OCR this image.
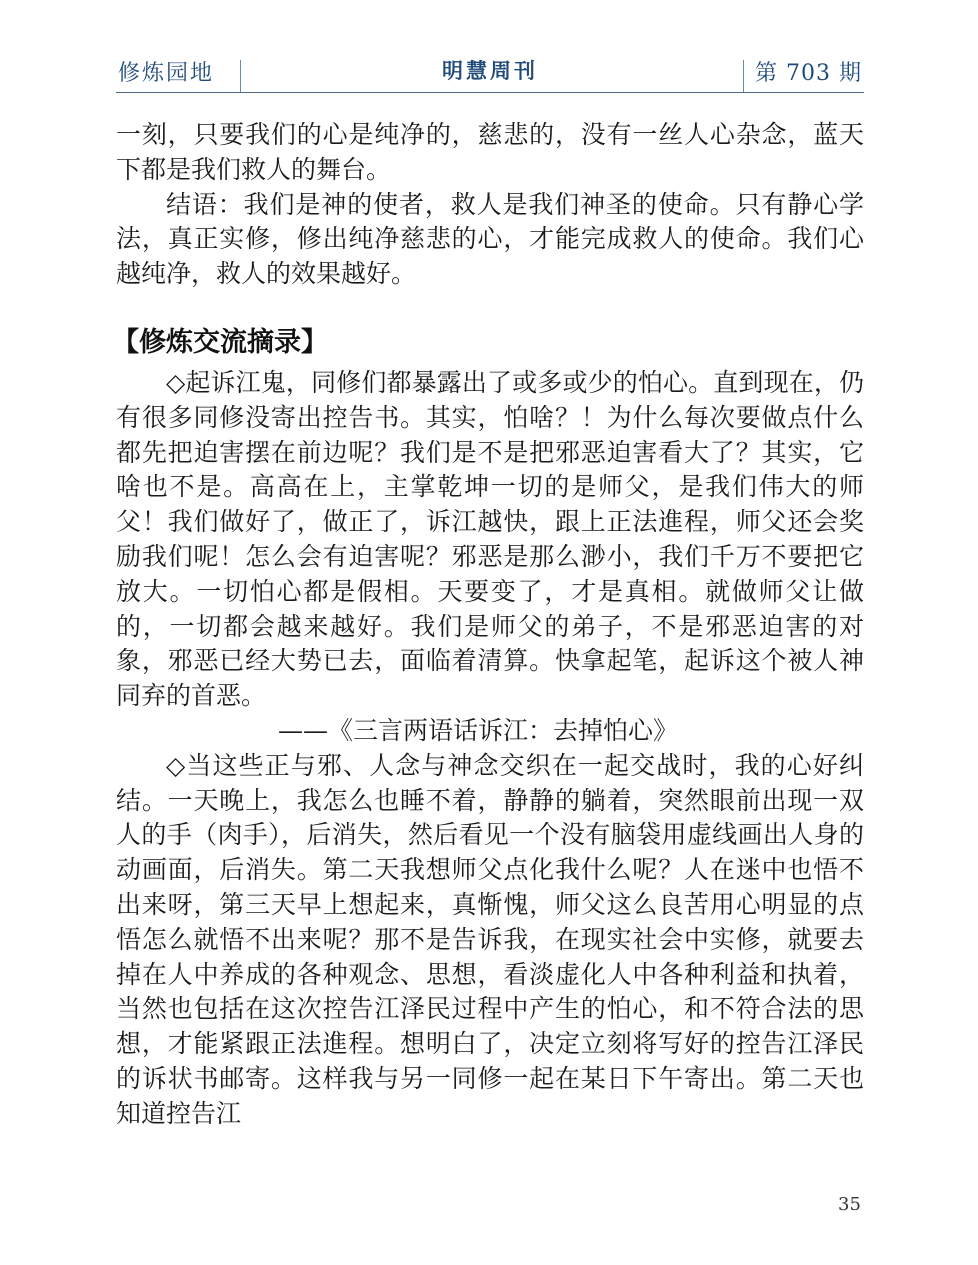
修炼园地	明慧周刊	第 703 期

一刻，只要我们的心是纯净的，慈悲的，没有一丝人心杂念，蓝天下都是我们救人的舞台。

结语：我们是神的使者，救人是我们神圣的使命。只有静心学法，真正实修，修出纯净慈悲的心，才能完成救人的使命。我们心越纯净，救人的效果越好。

【修炼交流摘录】

◇起诉江鬼，同修们都暴露出了或多或少的怕心。直到现在，仍有很多同修没寄出控告书。其实，怕啥？！为什么每次要做点什么都先把迫害摆在前边呢？我们是不是把邪恶迫害看大了？其实，它啥也不是。高高在上，主掌乾坤一切的是师父，是我们伟大的师父！我们做好了，做正了，诉江越快，跟上正法進程，师父还会奖励我们呢！怎么会有迫害呢？邪恶是那么渺小，我们千万不要把它放大。一切怕心都是假相。天要变了，才是真相。就做师父让做的，一切都会越来越好。我们是师父的弟子，不是邪恶迫害的对象，邪恶已经大势已去，面临着清算。快拿起笔，起诉这个被人神同弃的首恶。

——《三言两语话诉江：去掉怕心》

◇当这些正与邪、人念与神念交织在一起交战时，我的心好纠结。一天晚上，我怎么也睡不着，静静的躺着，突然眼前出现一双人的手（肉手），后消失，然后看见一个没有脑袋用虚线画出人身的动画面，后消失。第二天我想师父点化我什么呢？人在迷中也悟不出来呀，第三天早上想起来，真惭愧，师父这么良苦用心明显的点悟怎么就悟不出来呢？那不是告诉我，在现实社会中实修，就要去掉在人中养成的各种观念、思想，看淡虚化人中各种利益和执着，当然也包括在这次控告江泽民过程中产生的怕心，和不符合法的思想，才能紧跟正法進程。想明白了，决定立刻将写好的控告江泽民的诉状书邮寄。这样我与另一同修一起在某日下午寄出。第二天也知道控告江

35
